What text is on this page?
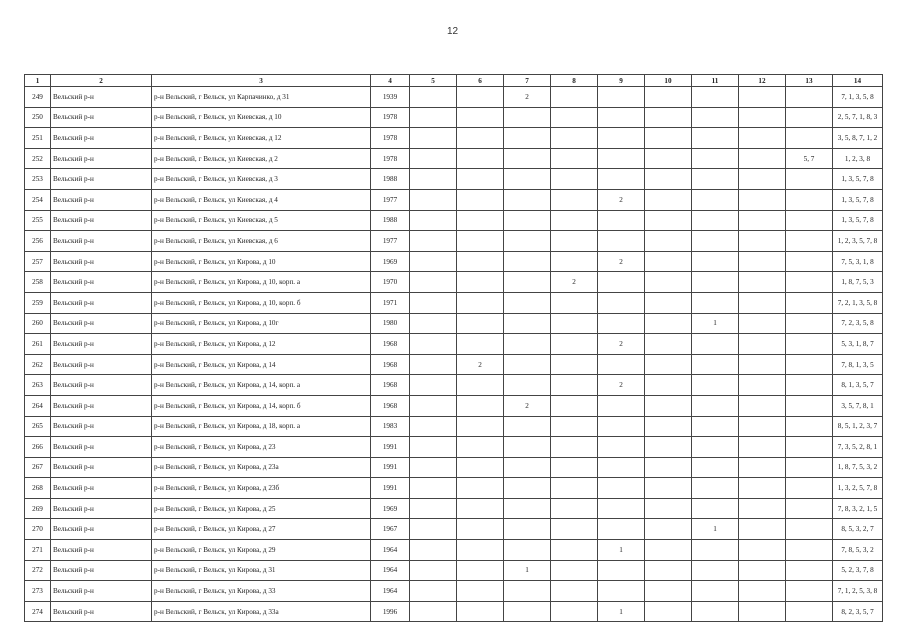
12
1	2	3	4	5	6	7	8	9	10	11	12	13	14
249	Вельский р-н	р-н Вельский, г Вельск, ул Карпачинко, д 31	1939			2							7, 1, 3, 5, 8
250	Вельский р-н	р-н Вельский, г Вельск, ул Киевская, д 10	1978										2, 5, 7, 1, 8, 3
251	Вельский р-н	р-н Вельский, г Вельск, ул Киевская, д 12	1978										3, 5, 8, 7, 1, 2
252	Вельский р-н	р-н Вельский, г Вельск, ул Киевская, д 2	1978									5, 7	1, 2, 3, 8
253	Вельский р-н	р-н Вельский, г Вельск, ул Киевская, д 3	1988										1, 3, 5, 7, 8
254	Вельский р-н	р-н Вельский, г Вельск, ул Киевская, д 4	1977					2					1, 3, 5, 7, 8
255	Вельский р-н	р-н Вельский, г Вельск, ул Киевская, д 5	1988										1, 3, 5, 7, 8
256	Вельский р-н	р-н Вельский, г Вельск, ул Киевская, д 6	1977										1, 2, 3, 5, 7, 8
257	Вельский р-н	р-н Вельский, г Вельск, ул Кирова, д 10	1969					2					7, 5, 3, 1, 8
258	Вельский р-н	р-н Вельский, г Вельск, ул Кирова, д 10, корп. а	1970				2						1, 8, 7, 5, 3
259	Вельский р-н	р-н Вельский, г Вельск, ул Кирова, д 10, корп. б	1971										7, 2, 1, 3, 5, 8
260	Вельский р-н	р-н Вельский, г Вельск, ул Кирова, д 10г	1980							1			7, 2, 3, 5, 8
261	Вельский р-н	р-н Вельский, г Вельск, ул Кирова, д 12	1968					2					5, 3, 1, 8, 7
262	Вельский р-н	р-н Вельский, г Вельск, ул Кирова, д 14	1968		2								7, 8, 1, 3, 5
263	Вельский р-н	р-н Вельский, г Вельск, ул Кирова, д 14, корп. а	1968					2					8, 1, 3, 5, 7
264	Вельский р-н	р-н Вельский, г Вельск, ул Кирова, д 14, корп. б	1968			2							3, 5, 7, 8, 1
265	Вельский р-н	р-н Вельский, г Вельск, ул Кирова, д 18, корп. а	1983										8, 5, 1, 2, 3, 7
266	Вельский р-н	р-н Вельский, г Вельск, ул Кирова, д 23	1991										7, 3, 5, 2, 8, 1
267	Вельский р-н	р-н Вельский, г Вельск, ул Кирова, д 23а	1991										1, 8, 7, 5, 3, 2
268	Вельский р-н	р-н Вельский, г Вельск, ул Кирова, д 23б	1991										1, 3, 2, 5, 7, 8
269	Вельский р-н	р-н Вельский, г Вельск, ул Кирова, д 25	1969										7, 8, 3, 2, 1, 5
270	Вельский р-н	р-н Вельский, г Вельск, ул Кирова, д 27	1967							1			8, 5, 3, 2, 7
271	Вельский р-н	р-н Вельский, г Вельск, ул Кирова, д 29	1964					1					7, 8, 5, 3, 2
272	Вельский р-н	р-н Вельский, г Вельск, ул Кирова, д 31	1964			1							5, 2, 3, 7, 8
273	Вельский р-н	р-н Вельский, г Вельск, ул Кирова, д 33	1964										7, 1, 2, 5, 3, 8
274	Вельский р-н	р-н Вельский, г Вельск, ул Кирова, д 33а	1996					1					8, 2, 3, 5, 7
